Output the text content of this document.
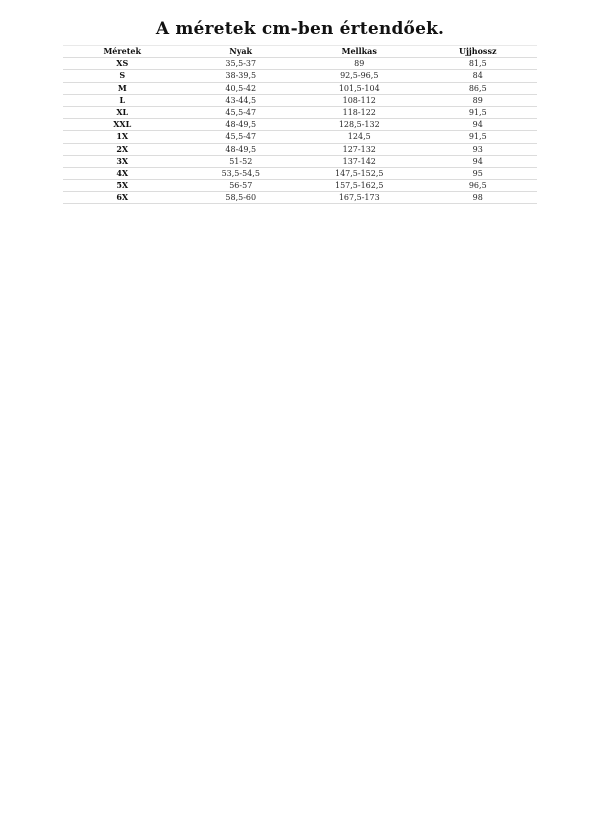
A méretek cm-ben értendőek.
Méretek	Nyak	Mellkas	Ujjhossz
XS	35,5-37	89	81,5
S	38-39,5	92,5-96,5	84
M	40,5-42	101,5-104	86,5
L	43-44,5	108-112	89
XL	45,5-47	118-122	91,5
XXL	48-49,5	128,5-132	94
1X	45,5-47	124,5	91,5
2X	48-49,5	127-132	93
3X	51-52	137-142	94
4X	53,5-54,5	147,5-152,5	95
5X	56-57	157,5-162,5	96,5
6X	58,5-60	167,5-173	98
